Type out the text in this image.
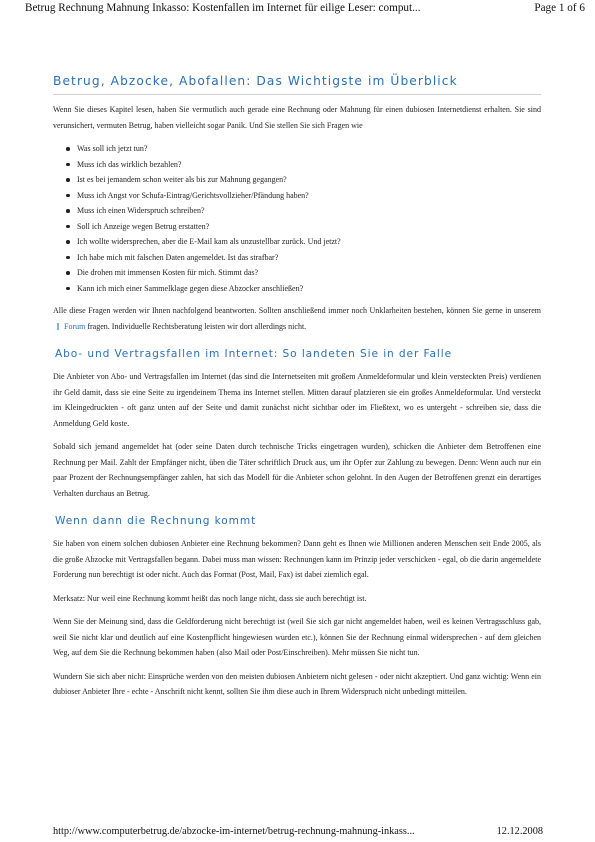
Betrug Rechnung Mahnung Inkasso: Kostenfallen im Internet für eilige Leser: comput...	Page 1 of 6
Betrug, Abzocke, Abofallen: Das Wichtigste im Überblick

Wenn Sie dieses Kapitel lesen, haben Sie vermutlich auch gerade eine Rechnung oder Mahnung für einen dubiosen Internetdienst erhalten. Sie sind verunsichert, vermuten Betrug, haben vielleicht sogar Panik. Und Sie stellen Sie sich Fragen wie

Was soll ich jetzt tun?
Muss ich das wirklich bezahlen?
Ist es bei jemandem schon weiter als bis zur Mahnung gegangen?
Muss ich Angst vor Schufa-Eintrag/Gerichtsvollzieher/Pfändung haben?
Muss ich einen Widerspruch schreiben?
Soll ich Anzeige wegen Betrug erstatten?
Ich wollte widersprechen, aber die E-Mail kam als unzustellbar zurück. Und jetzt?
Ich habe mich mit falschen Daten angemeldet. Ist das strafbar?
Die drohen mit immensen Kosten für mich. Stimmt das?
Kann ich mich einer Sammelklage gegen diese Abzocker anschließen?

Alle diese Fragen werden wir Ihnen nachfolgend beantworten. Sollten anschließend immer noch Unklarheiten bestehen, können Sie gerne in unseremForum fragen. Individuelle Rechtsberatung leisten wir dort allerdings nicht.

Abo- und Vertragsfallen im Internet: So landeten Sie in der Falle

Die Anbieter von Abo- und Vertragsfallen im Internet (das sind die Internetseiten mit großem Anmeldeformular und klein versteckten Preis) verdienen ihr Geld damit, dass sie eine Seite zu irgendeinem Thema ins Internet stellen. Mitten darauf platzieren sie ein großes Anmeldeformular. Und versteckt im Kleingedruckten - oft ganz unten auf der Seite und damit zunächst nicht sichtbar oder im Fließtext, wo es untergeht - schreiben sie, dass die Anmeldung Geld koste.

Sobald sich jemand angemeldet hat (oder seine Daten durch technische Tricks eingetragen wurden), schicken die Anbieter dem Betroffenen eine Rechnung per Mail. Zahlt der Empfänger nicht, üben die Täter schriftlich Druck aus, um ihr Opfer zur Zahlung zu bewegen. Denn: Wenn auch nur ein paar Prozent der Rechnungsempfänger zahlen, hat sich das Modell für die Anbieter schon gelohnt. In den Augen der Betroffenen grenzt ein derartiges Verhalten durchaus an Betrug.

Wenn dann die Rechnung kommt

Sie haben von einem solchen dubiosen Anbieter eine Rechnung bekommen? Dann geht es Ihnen wie Millionen anderen Menschen seit Ende 2005, als die große Abzocke mit Vertragsfallen begann. Dabei muss man wissen: Rechnungen kann im Prinzip jeder verschicken - egal, ob die darin angemeldete Forderung nun berechtigt ist oder nicht. Auch das Format (Post, Mail, Fax) ist dabei ziemlich egal.

Merksatz: Nur weil eine Rechnung kommt heißt das noch lange nicht, dass sie auch berechtigt ist.

Wenn Sie der Meinung sind, dass die Geldforderung nicht berechtigt ist (weil Sie sich gar nicht angemeldet haben, weil es keinen Vertragsschluss gab, weil Sie nicht klar und deutlich auf eine Kostenpflicht hingewiesen wurden etc.), können Sie der Rechnung einmal widersprechen - auf dem gleichen Weg, auf dem Sie die Rechnung bekommen haben (also Mail oder Post/Einschreiben). Mehr müssen Sie nicht tun.

Wundern Sie sich aber nicht: Einsprüche werden von den meisten dubiosen Anbietern nicht gelesen - oder nicht akzeptiert. Und ganz wichtig: Wenn ein dubioser Anbieter Ihre - echte - Anschrift nicht kennt, sollten Sie ihm diese auch in Ihrem Widerspruch nicht unbedingt mitteilen.

http://www.computerbetrug.de/abzocke-im-internet/betrug-rechnung-mahnung-inkass...	12.12.2008
